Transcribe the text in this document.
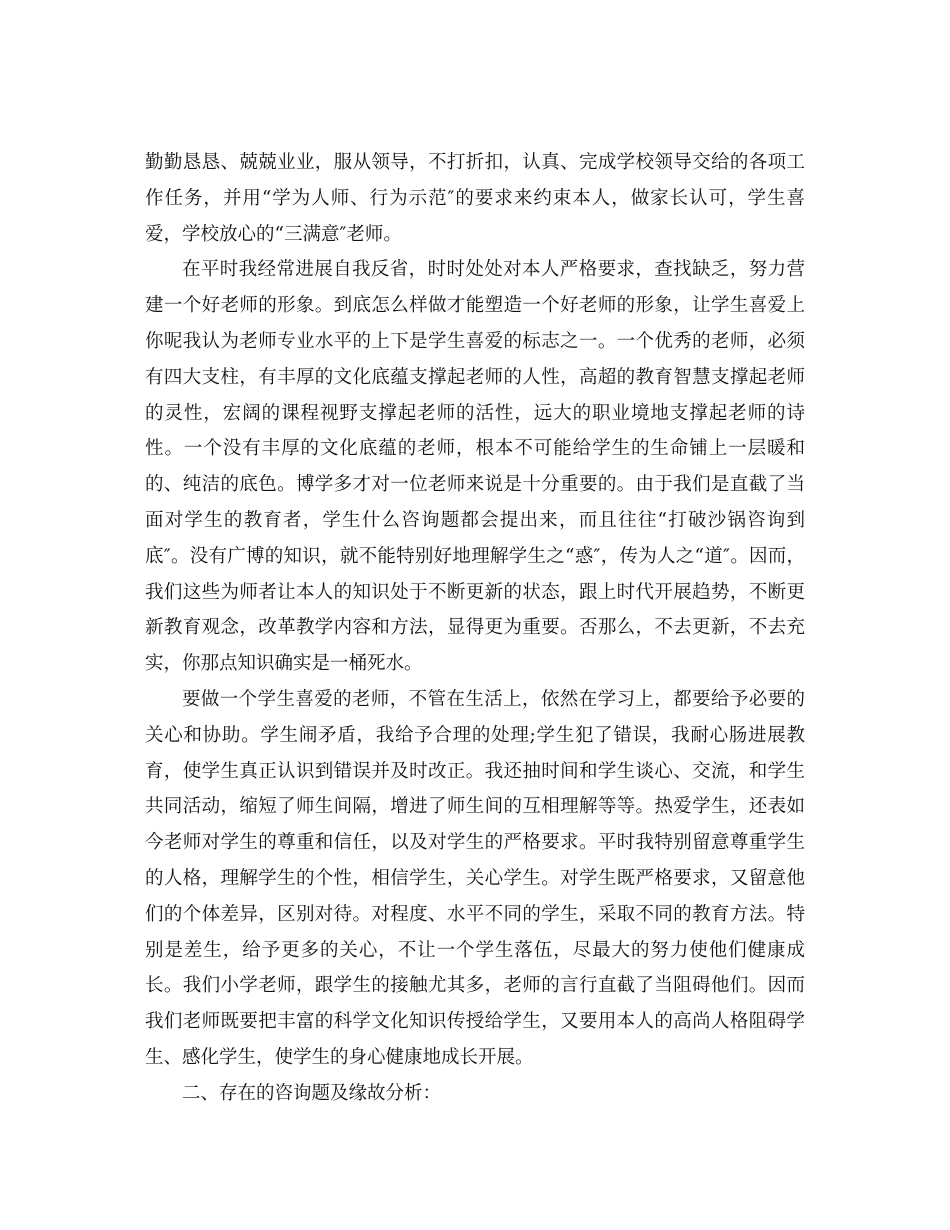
勤勤恳恳、兢兢业业，服从领导，不打折扣，认真、完成学校领导交给的各项工作任务，并用“学为人师、行为示范″的要求来约束本人，做家长认可，学生喜爱，学校放心的“三满意″老师。

在平时我经常进展自我反省，时时处处对本人严格要求，查找缺乏，努力营建一个好老师的形象。到底怎么样做才能塑造一个好老师的形象，让学生喜爱上你呢我认为老师专业水平的上下是学生喜爱的标志之一。一个优秀的老师，必须有四大支柱，有丰厚的文化底蕴支撑起老师的人性，高超的教育智慧支撑起老师的灵性，宏阔的课程视野支撑起老师的活性，远大的职业境地支撑起老师的诗性。一个没有丰厚的文化底蕴的老师，根本不可能给学生的生命铺上一层暖和的、纯洁的底色。博学多才对一位老师来说是十分重要的。由于我们是直截了当面对学生的教育者，学生什么咨询题都会提出来，而且往往“打破沙锅咨询到底″。没有广博的知识，就不能特别好地理解学生之“惑″，传为人之“道″。因而，我们这些为师者让本人的知识处于不断更新的状态，跟上时代开展趋势，不断更新教育观念，改革教学内容和方法，显得更为重要。否那么，不去更新，不去充实，你那点知识确实是一桶死水。

要做一个学生喜爱的老师，不管在生活上，依然在学习上，都要给予必要的关心和协助。学生闹矛盾，我给予合理的处理;学生犯了错误，我耐心肠进展教育，使学生真正认识到错误并及时改正。我还抽时间和学生谈心、交流，和学生共同活动，缩短了师生间隔，增进了师生间的互相理解等等。热爱学生，还表如今老师对学生的尊重和信任，以及对学生的严格要求。平时我特别留意尊重学生的人格，理解学生的个性，相信学生，关心学生。对学生既严格要求，又留意他们的个体差异，区别对待。对程度、水平不同的学生，采取不同的教育方法。特别是差生，给予更多的关心，不让一个学生落伍，尽最大的努力使他们健康成长。我们小学老师，跟学生的接触尤其多，老师的言行直截了当阻碍他们。因而我们老师既要把丰富的科学文化知识传授给学生，又要用本人的高尚人格阻碍学生、感化学生，使学生的身心健康地成长开展。

二、存在的咨询题及缘故分析：
